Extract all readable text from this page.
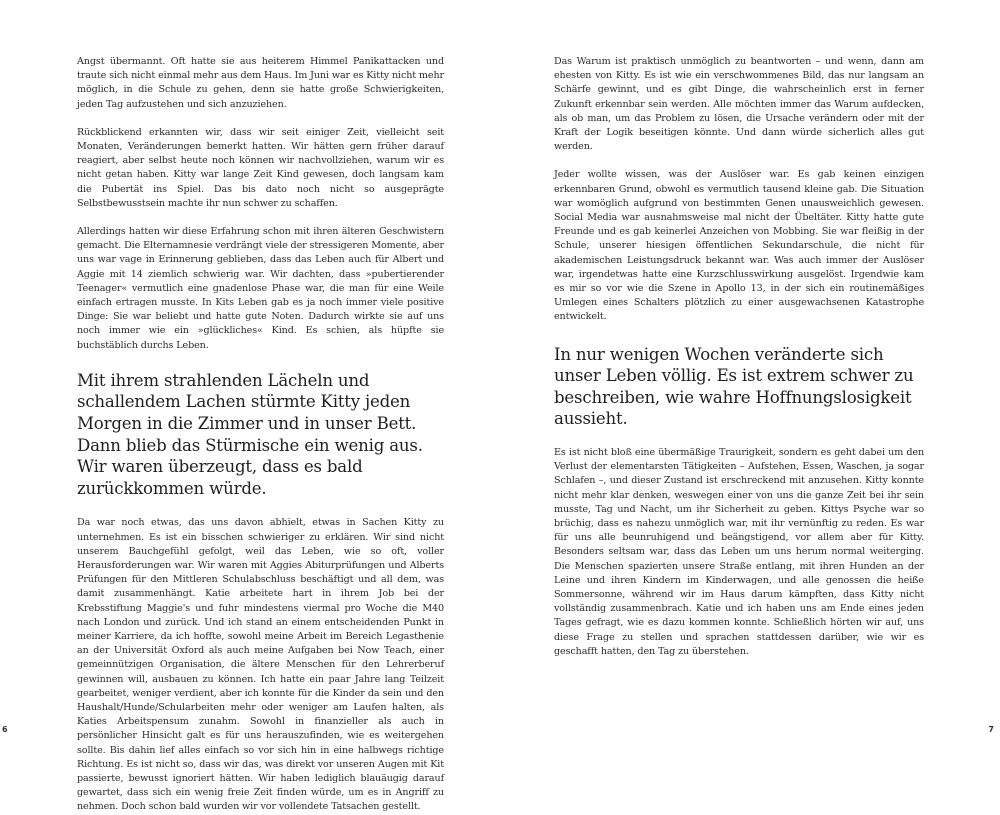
Angst übermannt. Oft hatte sie aus heiterem Himmel Panikattacken und traute sich nicht einmal mehr aus dem Haus. Im Juni war es Kitty nicht mehr möglich, in die Schule zu gehen, denn sie hatte große Schwierigkeiten, jeden Tag aufzustehen und sich anzuziehen.

Rückblickend erkannten wir, dass wir seit einiger Zeit, vielleicht seit Monaten, Veränderungen bemerkt hatten. Wir hätten gern früher darauf reagiert, aber selbst heute noch können wir nachvollziehen, warum wir es nicht getan haben. Kitty war lange Zeit Kind gewesen, doch langsam kam die Pubertät ins Spiel. Das bis dato noch nicht so ausgeprägte Selbstbewusstsein machte ihr nun schwer zu schaffen.

Allerdings hatten wir diese Erfahrung schon mit ihren älteren Geschwistern gemacht. Die Elternamnesie verdrängt viele der stressigeren Momente, aber uns war vage in Erinnerung geblieben, dass das Leben auch für Albert und Aggie mit 14 ziemlich schwierig war. Wir dachten, dass »pubertierender Teenager« vermutlich eine gnadenlose Phase war, die man für eine Weile einfach ertragen musste. In Kits Leben gab es ja noch immer viele positive Dinge: Sie war beliebt und hatte gute Noten. Dadurch wirkte sie auf uns noch immer wie ein »glückliches« Kind. Es schien, als hüpfte sie buchstäblich durchs Leben.

Mit ihrem strahlenden Lächeln und schallendem Lachen stürmte Kitty jeden Morgen in die Zimmer und in unser Bett. Dann blieb das Stürmische ein wenig aus. Wir waren überzeugt, dass es bald zurückkommen würde.

Da war noch etwas, das uns davon abhielt, etwas in Sachen Kitty zu unternehmen. Es ist ein bisschen schwieriger zu erklären. Wir sind nicht unserem Bauchgefühl gefolgt, weil das Leben, wie so oft, voller Herausforderungen war. Wir waren mit Aggies Abiturprüfungen und Alberts Prüfungen für den Mittleren Schulabschluss beschäftigt und all dem, was damit zusammenhängt. Katie arbeitete hart in ihrem Job bei der Krebsstiftung Maggie's und fuhr mindestens viermal pro Woche die M40 nach London und zurück. Und ich stand an einem entscheidenden Punkt in meiner Karriere, da ich hoffte, sowohl meine Arbeit im Bereich Legasthenie an der Universität Oxford als auch meine Aufgaben bei Now Teach, einer gemeinnützigen Organisation, die ältere Menschen für den Lehrerberuf gewinnen will, ausbauen zu können. Ich hatte ein paar Jahre lang Teilzeit gearbeitet, weniger verdient, aber ich konnte für die Kinder da sein und den Haushalt/Hunde/Schularbeiten mehr oder weniger am Laufen halten, als Katies Arbeitspensum zunahm. Sowohl in finanzieller als auch in persönlicher Hinsicht galt es für uns herauszufinden, wie es weitergehen sollte. Bis dahin lief alles einfach so vor sich hin in eine halbwegs richtige Richtung. Es ist nicht so, dass wir das, was direkt vor unseren Augen mit Kit passierte, bewusst ignoriert hätten. Wir haben lediglich blauäugig darauf gewartet, dass sich ein wenig freie Zeit finden würde, um es in Angriff zu nehmen. Doch schon bald wurden wir vor vollendete Tatsachen gestellt.

6

Das Warum ist praktisch unmöglich zu beantworten – und wenn, dann am ehesten von Kitty. Es ist wie ein verschwommenes Bild, das nur langsam an Schärfe gewinnt, und es gibt Dinge, die wahrscheinlich erst in ferner Zukunft erkennbar sein werden. Alle möchten immer das Warum aufdecken, als ob man, um das Problem zu lösen, die Ursache verändern oder mit der Kraft der Logik beseitigen könnte. Und dann würde sicherlich alles gut werden.

Jeder wollte wissen, was der Auslöser war. Es gab keinen einzigen erkennbaren Grund, obwohl es vermutlich tausend kleine gab. Die Situation war womöglich aufgrund von bestimmten Genen unausweichlich gewesen. Social Media war ausnahmsweise mal nicht der Übeltäter. Kitty hatte gute Freunde und es gab keinerlei Anzeichen von Mobbing. Sie war fleißig in der Schule, unserer hiesigen öffentlichen Sekundarschule, die nicht für akademischen Leistungsdruck bekannt war. Was auch immer der Auslöser war, irgendetwas hatte eine Kurzschlusswirkung ausgelöst. Irgendwie kam es mir so vor wie die Szene in Apollo 13, in der sich ein routinemäßiges Umlegen eines Schalters plötzlich zu einer ausgewachsenen Katastrophe entwickelt.

In nur wenigen Wochen veränderte sich unser Leben völlig. Es ist extrem schwer zu beschreiben, wie wahre Hoffnungslosigkeit aussieht.

Es ist nicht bloß eine übermäßige Traurigkeit, sondern es geht dabei um den Verlust der elementarsten Tätigkeiten – Aufstehen, Essen, Waschen, ja sogar Schlafen –, und dieser Zustand ist erschreckend mit anzusehen. Kitty konnte nicht mehr klar denken, weswegen einer von uns die ganze Zeit bei ihr sein musste, Tag und Nacht, um ihr Sicherheit zu geben. Kittys Psyche war so brüchig, dass es nahezu unmöglich war, mit ihr vernünftig zu reden. Es war für uns alle beunruhigend und beängstigend, vor allem aber für Kitty. Besonders seltsam war, dass das Leben um uns herum normal weiterging. Die Menschen spazierten unsere Straße entlang, mit ihren Hunden an der Leine und ihren Kindern im Kinderwagen, und alle genossen die heiße Sommersonne, während wir im Haus darum kämpften, dass Kitty nicht vollständig zusammenbrach. Katie und ich haben uns am Ende eines jeden Tages gefragt, wie es dazu kommen konnte. Schließlich hörten wir auf, uns diese Frage zu stellen und sprachen stattdessen darüber, wie wir es geschafft hatten, den Tag zu überstehen.

7
